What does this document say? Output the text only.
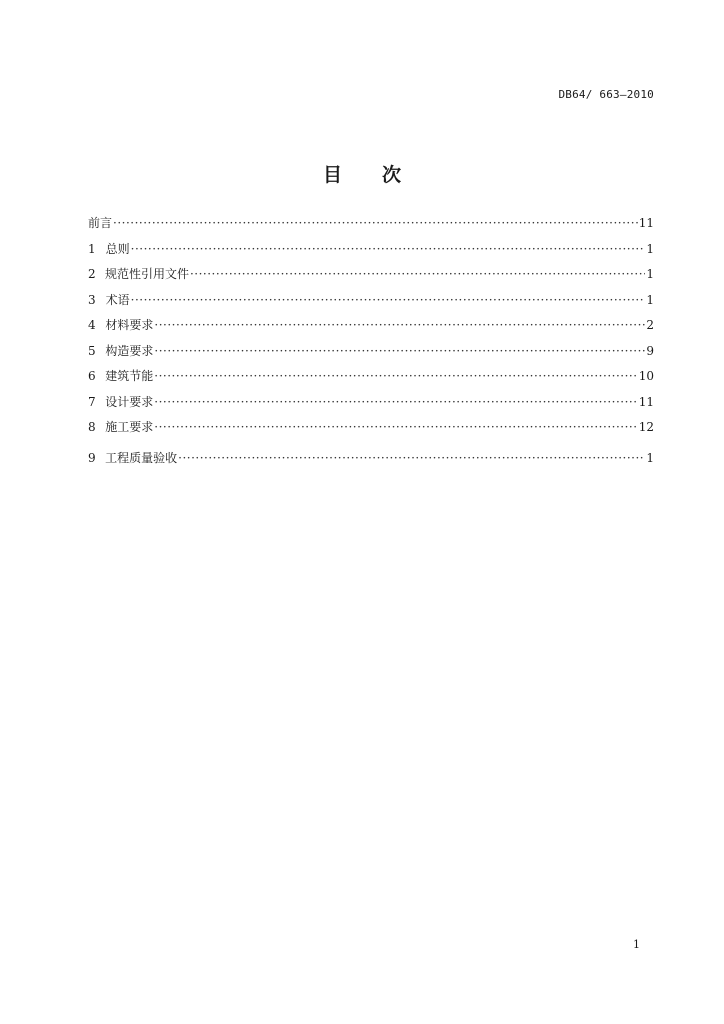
DB64/ 663—2010
目 次
前言 ·····	11
1 总则 ·····	1
2 规范性引用文件 ·····	1
3 术语 ·····	1
4 材料要求 ·····	2
5 构造要求 ·····	9
6 建筑节能 ·····	10
7 设计要求 ·····	11
8 施工要求 ·····	12
9 工程质量验收 ·····	1
1
